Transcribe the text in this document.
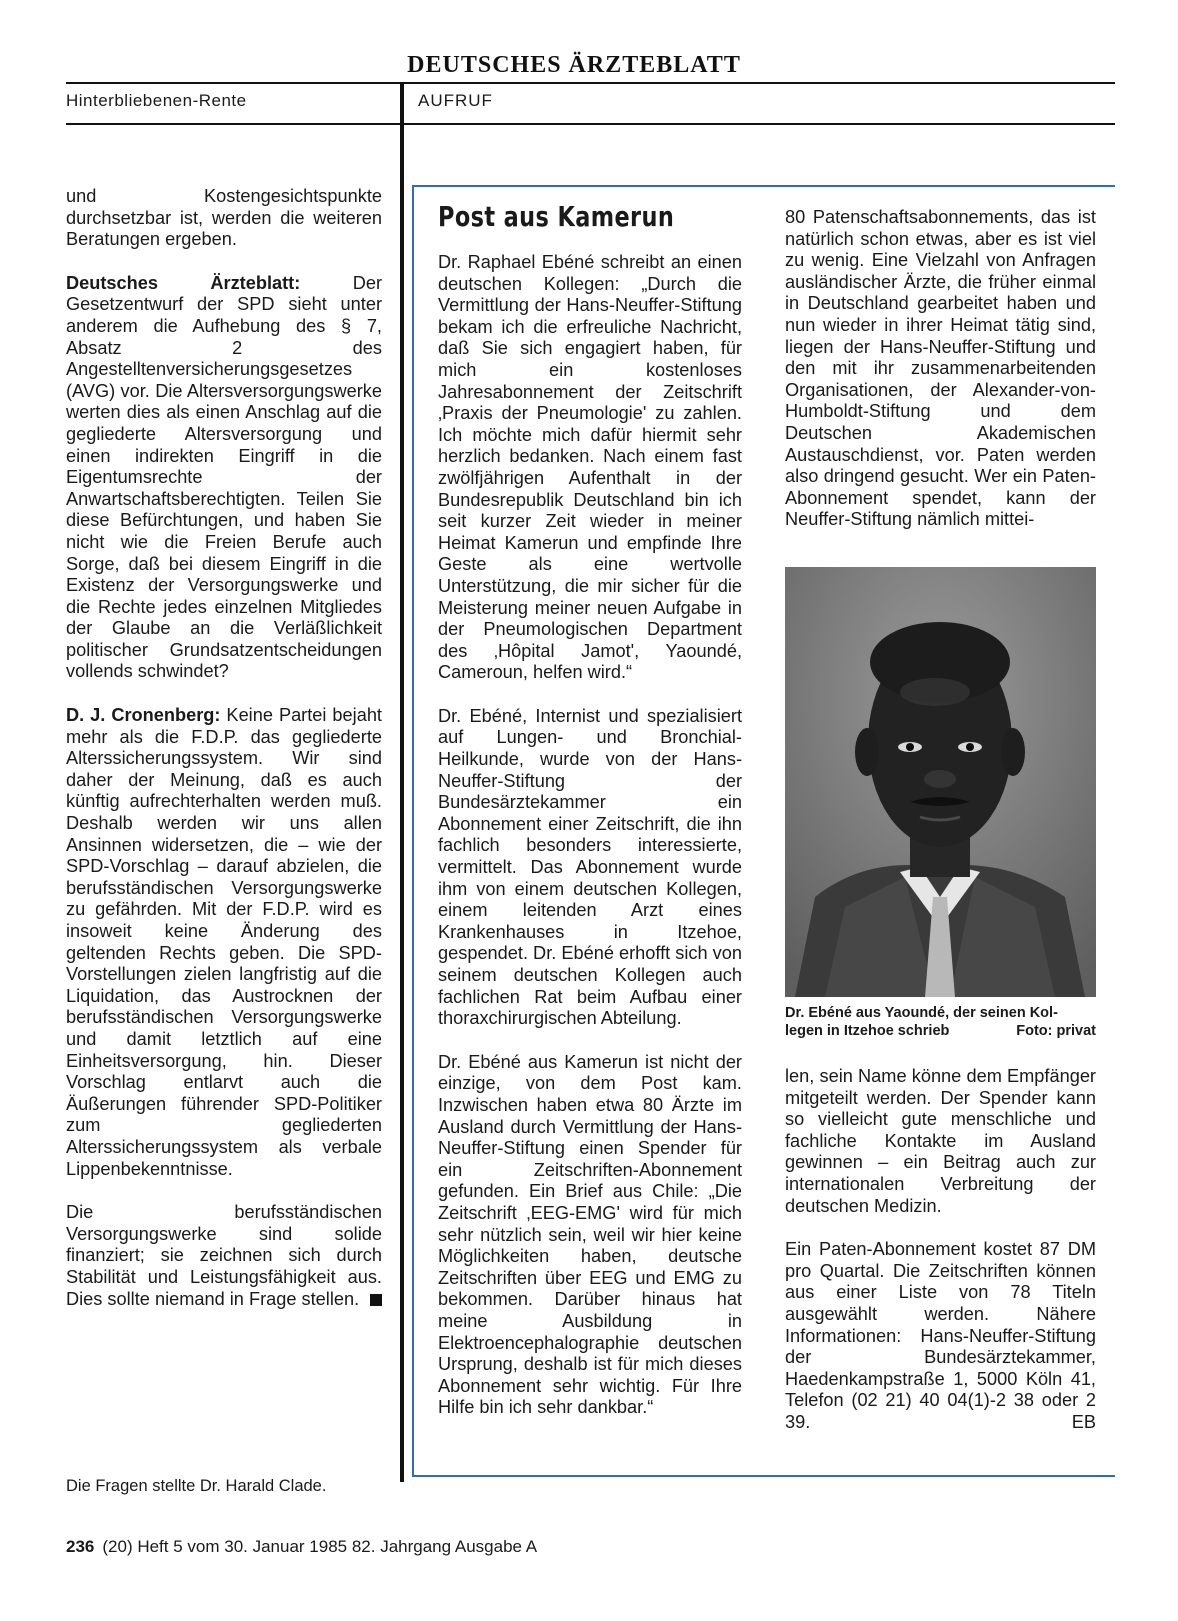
DEUTSCHES ÄRZTEBLATT
Hinterbliebenen-Rente	AUFRUF

und Kostengesichtspunkte durchsetzbar ist, werden die weiteren Beratungen ergeben.

Deutsches Ärzteblatt: Der Gesetzentwurf der SPD sieht unter anderem die Aufhebung des § 7, Absatz 2 des Angestelltenversicherungsgesetzes (AVG) vor. Die Altersversorgungswerke werten dies als einen Anschlag auf die gegliederte Altersversorgung und einen indirekten Eingriff in die Eigentumsrechte der Anwartschaftsberechtigten. Teilen Sie diese Befürchtungen, und haben Sie nicht wie die Freien Berufe auch Sorge, daß bei diesem Eingriff in die Existenz der Versorgungswerke und die Rechte jedes einzelnen Mitgliedes der Glaube an die Verläßlichkeit politischer Grundsatzentscheidungen vollends schwindet?

D. J. Cronenberg: Keine Partei bejaht mehr als die F.D.P. das gegliederte Alterssicherungssystem. Wir sind daher der Meinung, daß es auch künftig aufrechterhalten werden muß. Deshalb werden wir uns allen Ansinnen widersetzen, die – wie der SPD-Vorschlag – darauf abzielen, die berufsständischen Versorgungswerke zu gefährden. Mit der F.D.P. wird es insoweit keine Änderung des geltenden Rechts geben. Die SPD-Vorstellungen zielen langfristig auf die Liquidation, das Austrocknen der berufsständischen Versorgungswerke und damit letztlich auf eine Einheitsversorgung, hin. Dieser Vorschlag entlarvt auch die Äußerungen führender SPD-Politiker zum gegliederten Alterssicherungssystem als verbale Lippenbekenntnisse.

Die berufsständischen Versorgungswerke sind solide finanziert; sie zeichnen sich durch Stabilität und Leistungsfähigkeit aus. Dies sollte niemand in Frage stellen.

Die Fragen stellte Dr. Harald Clade.
Post aus Kamerun

Dr. Raphael Ebéné schreibt an einen deutschen Kollegen: „Durch die Vermittlung der Hans-Neuffer-Stiftung bekam ich die erfreuliche Nachricht, daß Sie sich engagiert haben, für mich ein kostenloses Jahresabonnement der Zeitschrift ‚Praxis der Pneumologie' zu zahlen. Ich möchte mich dafür hiermit sehr herzlich bedanken. Nach einem fast zwölfjährigen Aufenthalt in der Bundesrepublik Deutschland bin ich seit kurzer Zeit wieder in meiner Heimat Kamerun und empfinde Ihre Geste als eine wertvolle Unterstützung, die mir sicher für die Meisterung meiner neuen Aufgabe in der Pneumologischen Department des ‚Hôpital Jamot', Yaoundé, Cameroun, helfen wird.“

Dr. Ebéné, Internist und spezialisiert auf Lungen- und Bronchial-Heilkunde, wurde von der Hans-Neuffer-Stiftung der Bundesärztekammer ein Abonnement einer Zeitschrift, die ihn fachlich besonders interessierte, vermittelt. Das Abonnement wurde ihm von einem deutschen Kollegen, einem leitenden Arzt eines Krankenhauses in Itzehoe, gespendet. Dr. Ebéné erhofft sich von seinem deutschen Kollegen auch fachlichen Rat beim Aufbau einer thoraxchirurgischen Abteilung.

Dr. Ebéné aus Kamerun ist nicht der einzige, von dem Post kam. Inzwischen haben etwa 80 Ärzte im Ausland durch Vermittlung der Hans-Neuffer-Stiftung einen Spender für ein Zeitschriften-Abonnement gefunden. Ein Brief aus Chile: „Die Zeitschrift ‚EEG-EMG' wird für mich sehr nützlich sein, weil wir hier keine Möglichkeiten haben, deutsche Zeitschriften über EEG und EMG zu bekommen. Darüber hinaus hat meine Ausbildung in Elektroencephalographie deutschen Ursprung, deshalb ist für mich dieses Abonnement sehr wichtig. Für Ihre Hilfe bin ich sehr dankbar.“

80 Patenschaftsabonnements, das ist natürlich schon etwas, aber es ist viel zu wenig. Eine Vielzahl von Anfragen ausländischer Ärzte, die früher einmal in Deutschland gearbeitet haben und nun wieder in ihrer Heimat tätig sind, liegen der Hans-Neuffer-Stiftung und den mit ihr zusammenarbeitenden Organisationen, der Alexander-von-Humboldt-Stiftung und dem Deutschen Akademischen Austauschdienst, vor. Paten werden also dringend gesucht. Wer ein Paten-Abonnement spendet, kann der Neuffer-Stiftung nämlich mittei-

Dr. Ebéné aus Yaoundé, der seinen Kol-
legen in Itzehoe schrieb	Foto: privat

len, sein Name könne dem Empfänger mitgeteilt werden. Der Spender kann so vielleicht gute menschliche und fachliche Kontakte im Ausland gewinnen – ein Beitrag auch zur internationalen Verbreitung der deutschen Medizin.

Ein Paten-Abonnement kostet 87 DM pro Quartal. Die Zeitschriften können aus einer Liste von 78 Titeln ausgewählt werden. Nähere Informationen: Hans-Neuffer-Stiftung der Bundesärztekammer, Haedenkampstraße 1, 5000 Köln 41, Telefon (02 21) 40 04(1)-2 38 oder 2 39.	EB

236 (20) Heft 5 vom 30. Januar 1985 82. Jahrgang Ausgabe A
